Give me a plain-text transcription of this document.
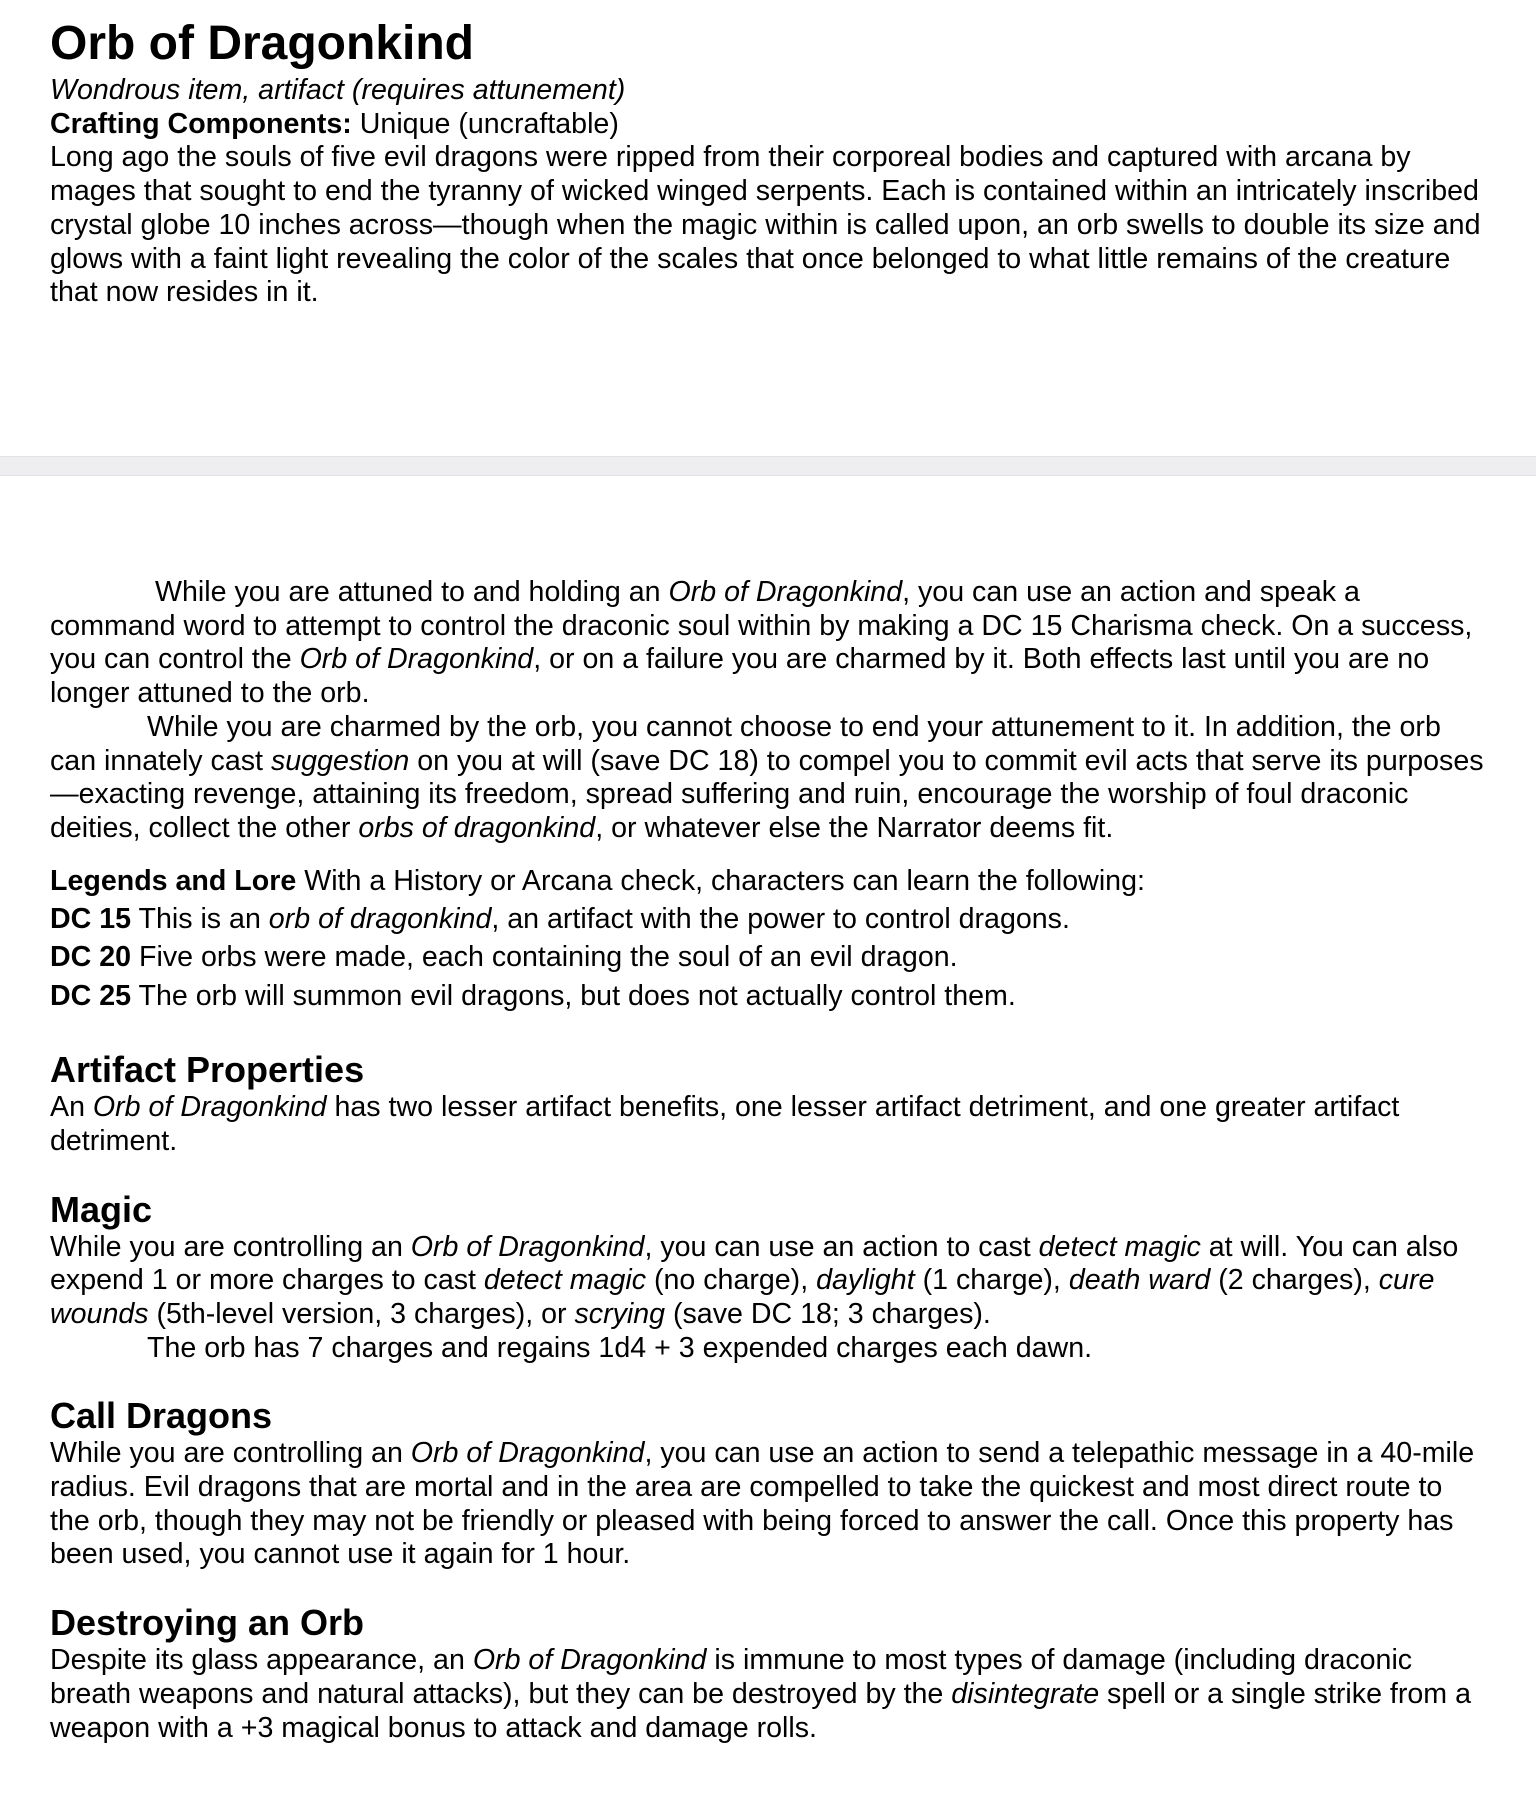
Orb of Dragonkind

Wondrous item, artifact (requires attunement)

Crafting Components: Unique (uncraftable)

Long ago the souls of five evil dragons were ripped from their corporeal bodies and captured with arcana by mages that sought to end the tyranny of wicked winged serpents. Each is contained within an intricately inscribed crystal globe 10 inches across—though when the magic within is called upon, an orb swells to double its size and glows with a faint light revealing the color of the scales that once belonged to what little remains of the creature that now resides in it.

While you are attuned to and holding an Orb of Dragonkind, you can use an action and speak a command word to attempt to control the draconic soul within by making a DC 15 Charisma check. On a success, you can control the Orb of Dragonkind, or on a failure you are charmed by it. Both effects last until you are no longer attuned to the orb.

While you are charmed by the orb, you cannot choose to end your attunement to it. In addition, the orb can innately cast suggestion on you at will (save DC 18) to compel you to commit evil acts that serve its purposes—exacting revenge, attaining its freedom, spread suffering and ruin, encourage the worship of foul draconic deities, collect the other orbs of dragonkind, or whatever else the Narrator deems fit.

Legends and Lore With a History or Arcana check, characters can learn the following:

DC 15 This is an orb of dragonkind, an artifact with the power to control dragons.

DC 20 Five orbs were made, each containing the soul of an evil dragon.

DC 25 The orb will summon evil dragons, but does not actually control them.

Artifact Properties

An Orb of Dragonkind has two lesser artifact benefits, one lesser artifact detriment, and one greater artifact detriment.

Magic

While you are controlling an Orb of Dragonkind, you can use an action to cast detect magic at will. You can also expend 1 or more charges to cast detect magic (no charge), daylight (1 charge), death ward (2 charges), cure wounds (5th-level version, 3 charges), or scrying (save DC 18; 3 charges).

The orb has 7 charges and regains 1d4 + 3 expended charges each dawn.

Call Dragons

While you are controlling an Orb of Dragonkind, you can use an action to send a telepathic message in a 40-mile radius. Evil dragons that are mortal and in the area are compelled to take the quickest and most direct route to the orb, though they may not be friendly or pleased with being forced to answer the call. Once this property has been used, you cannot use it again for 1 hour.

Destroying an Orb

Despite its glass appearance, an Orb of Dragonkind is immune to most types of damage (including draconic breath weapons and natural attacks), but they can be destroyed by the disintegrate spell or a single strike from a weapon with a +3 magical bonus to attack and damage rolls.
